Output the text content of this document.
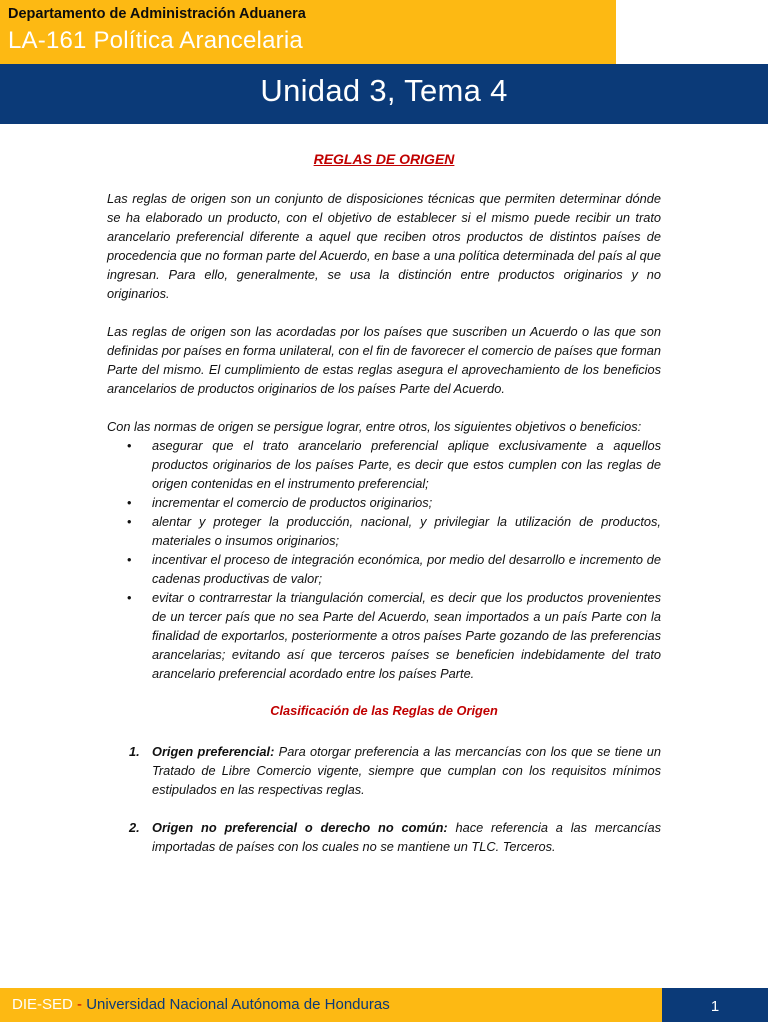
Departamento de Administración Aduanera
LA-161 Política Arancelaria
Unidad 3, Tema 4
REGLAS DE ORIGEN

Las reglas de origen son un conjunto de disposiciones técnicas que permiten determinar dónde se ha elaborado un producto, con el objetivo de establecer si el mismo puede recibir un trato arancelario preferencial diferente a aquel que reciben otros productos de distintos países de procedencia que no forman parte del Acuerdo, en base a una política determinada del país al que ingresan. Para ello, generalmente, se usa la distinción entre productos originarios y no originarios.

Las reglas de origen son las acordadas por los países que suscriben un Acuerdo o las que son definidas por países en forma unilateral, con el fin de favorecer el comercio de países que forman Parte del mismo. El cumplimiento de estas reglas asegura el aprovechamiento de los beneficios arancelarios de productos originarios de los países Parte del Acuerdo.

Con las normas de origen se persigue lograr, entre otros, los siguientes objetivos o beneficios:

• asegurar que el trato arancelario preferencial aplique exclusivamente a aquellos productos originarios de los países Parte, es decir que estos cumplen con las reglas de origen contenidas en el instrumento preferencial;
• incrementar el comercio de productos originarios;
• alentar y proteger la producción, nacional, y privilegiar la utilización de productos, materiales o insumos originarios;
• incentivar el proceso de integración económica, por medio del desarrollo e incremento de cadenas productivas de valor;
• evitar o contrarrestar la triangulación comercial, es decir que los productos provenientes de un tercer país que no sea Parte del Acuerdo, sean importados a un país Parte con la finalidad de exportarlos, posteriormente a otros países Parte gozando de las preferencias arancelarias; evitando así que terceros países se beneficien indebidamente del trato arancelario preferencial acordado entre los países Parte.
Clasificación de las Reglas de Origen
1. Origen preferencial: Para otorgar preferencia a las mercancías con los que se tiene un Tratado de Libre Comercio vigente, siempre que cumplan con los requisitos mínimos estipulados en las respectivas reglas.
2. Origen no preferencial o derecho no común: hace referencia a las mercancías importadas de países con los cuales no se mantiene un TLC. Terceros.
DIE-SED - Universidad Nacional Autónoma de Honduras	1
